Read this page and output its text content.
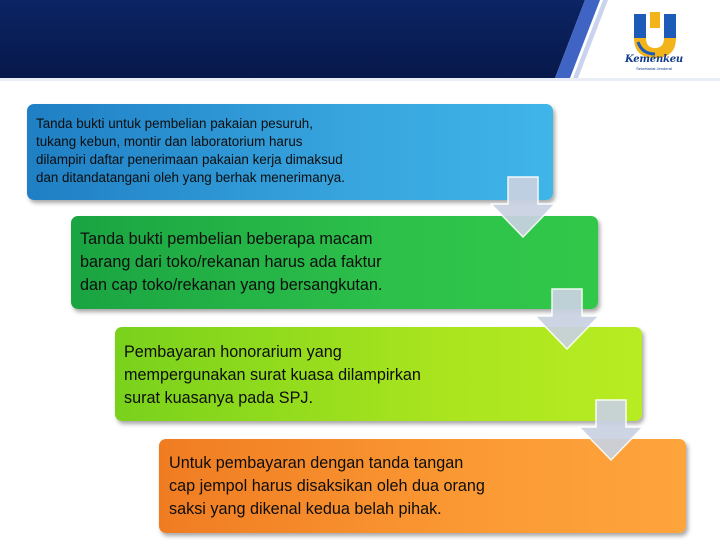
Kemenkeu
Sekretariat Jenderal

Tanda bukti untuk pembelian pakaian pesuruh,

tukang kebun, montir dan laboratorium harus

dilampiri daftar penerimaan pakaian kerja dimaksud

dan ditandatangani oleh yang berhak menerimanya.

Tanda bukti pembelian beberapa macam

barang dari toko/rekanan harus ada faktur

dan cap toko/rekanan yang bersangkutan.

Pembayaran honorarium yang

mempergunakan surat kuasa dilampirkan

surat kuasanya pada SPJ.

Untuk pembayaran dengan tanda tangan

cap jempol harus disaksikan oleh dua orang

saksi yang dikenal kedua belah pihak.
